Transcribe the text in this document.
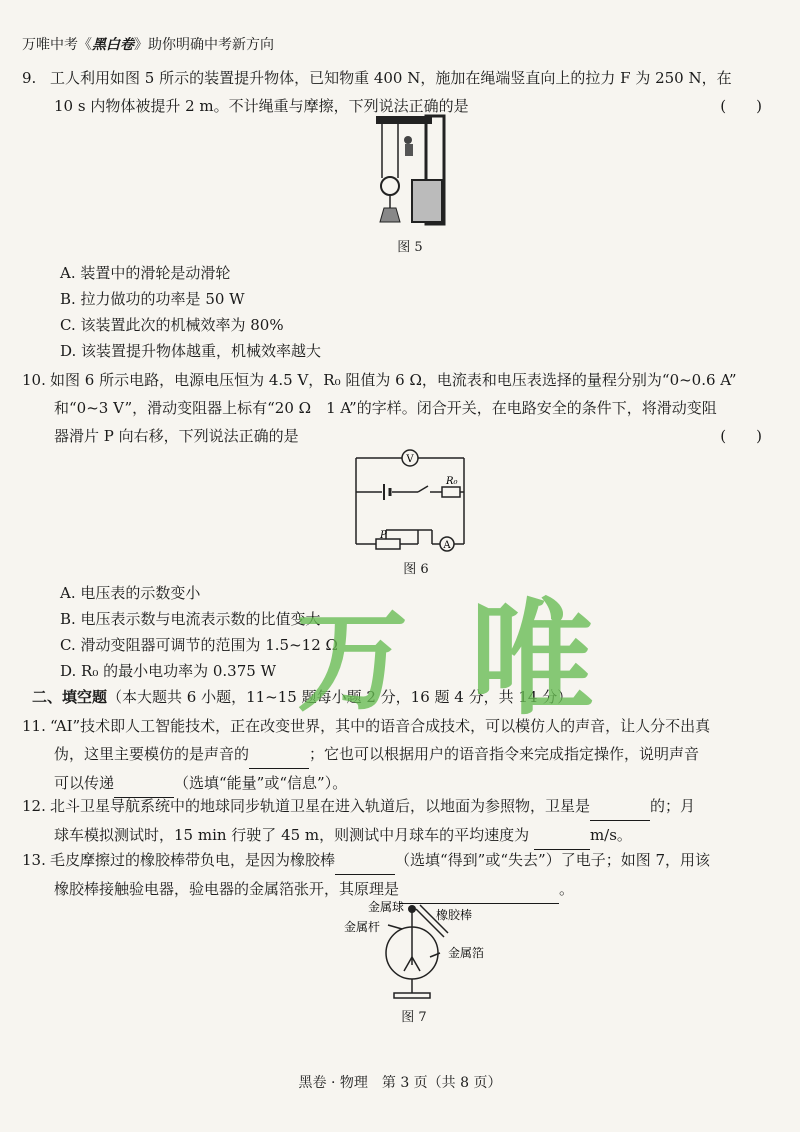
万唯中考《黑白卷》助你明确中考新方向
9. 工人利用如图 5 所示的装置提升物体，已知物重 400 N，施加在绳端竖直向上的拉力 F 为 250 N，在
10 s 内物体被提升 2 m。不计绳重与摩擦，下列说法正确的是	(　　)
图 5
A. 装置中的滑轮是动滑轮
B. 拉力做功的功率是 50 W
C. 该装置此次的机械效率为 80%
D. 该装置提升物体越重，机械效率越大
10. 如图 6 所示电路，电源电压恒为 4.5 V，R₀ 阻值为 6 Ω，电流表和电压表选择的量程分别为“0~0.6 A”
和“0~3 V”，滑动变阻器上标有“20 Ω　1 A”的字样。闭合开关，在电路安全的条件下，将滑动变阻
器滑片 P 向右移，下列说法正确的是	(　　)
V
A
R₀
P
图 6
A. 电压表的示数变小
B. 电压表示数与电流表示数的比值变大
C. 滑动变阻器可调节的范围为 1.5~12 Ω
D. R₀ 的最小电功率为 0.375 W
二、填空题（本大题共 6 小题，11~15 题每小题 2 分，16 题 4 分，共 14 分）
11. “AI”技术即人工智能技术，正在改变世界，其中的语音合成技术，可以模仿人的声音，让人分不出真
伪，这里主要模仿的是声音的	；它也可以根据用户的语音指令来完成指定操作，说明声音
可以传递	（选填“能量”或“信息”）。
12. 北斗卫星导航系统中的地球同步轨道卫星在进入轨道后，以地面为参照物，卫星是	的；月
球车模拟测试时，15 min 行驶了 45 m，则测试中月球车的平均速度为	m/s。
13. 毛皮摩擦过的橡胶棒带负电，是因为橡胶棒	（选填“得到”或“失去”）了电子；如图 7，用该
橡胶棒接触验电器，验电器的金属箔张开，其原理是	。
金属球
橡胶棒
金属杆
金属箔
图 7
万 唯
黑卷 · 物理　第 3 页（共 8 页）
